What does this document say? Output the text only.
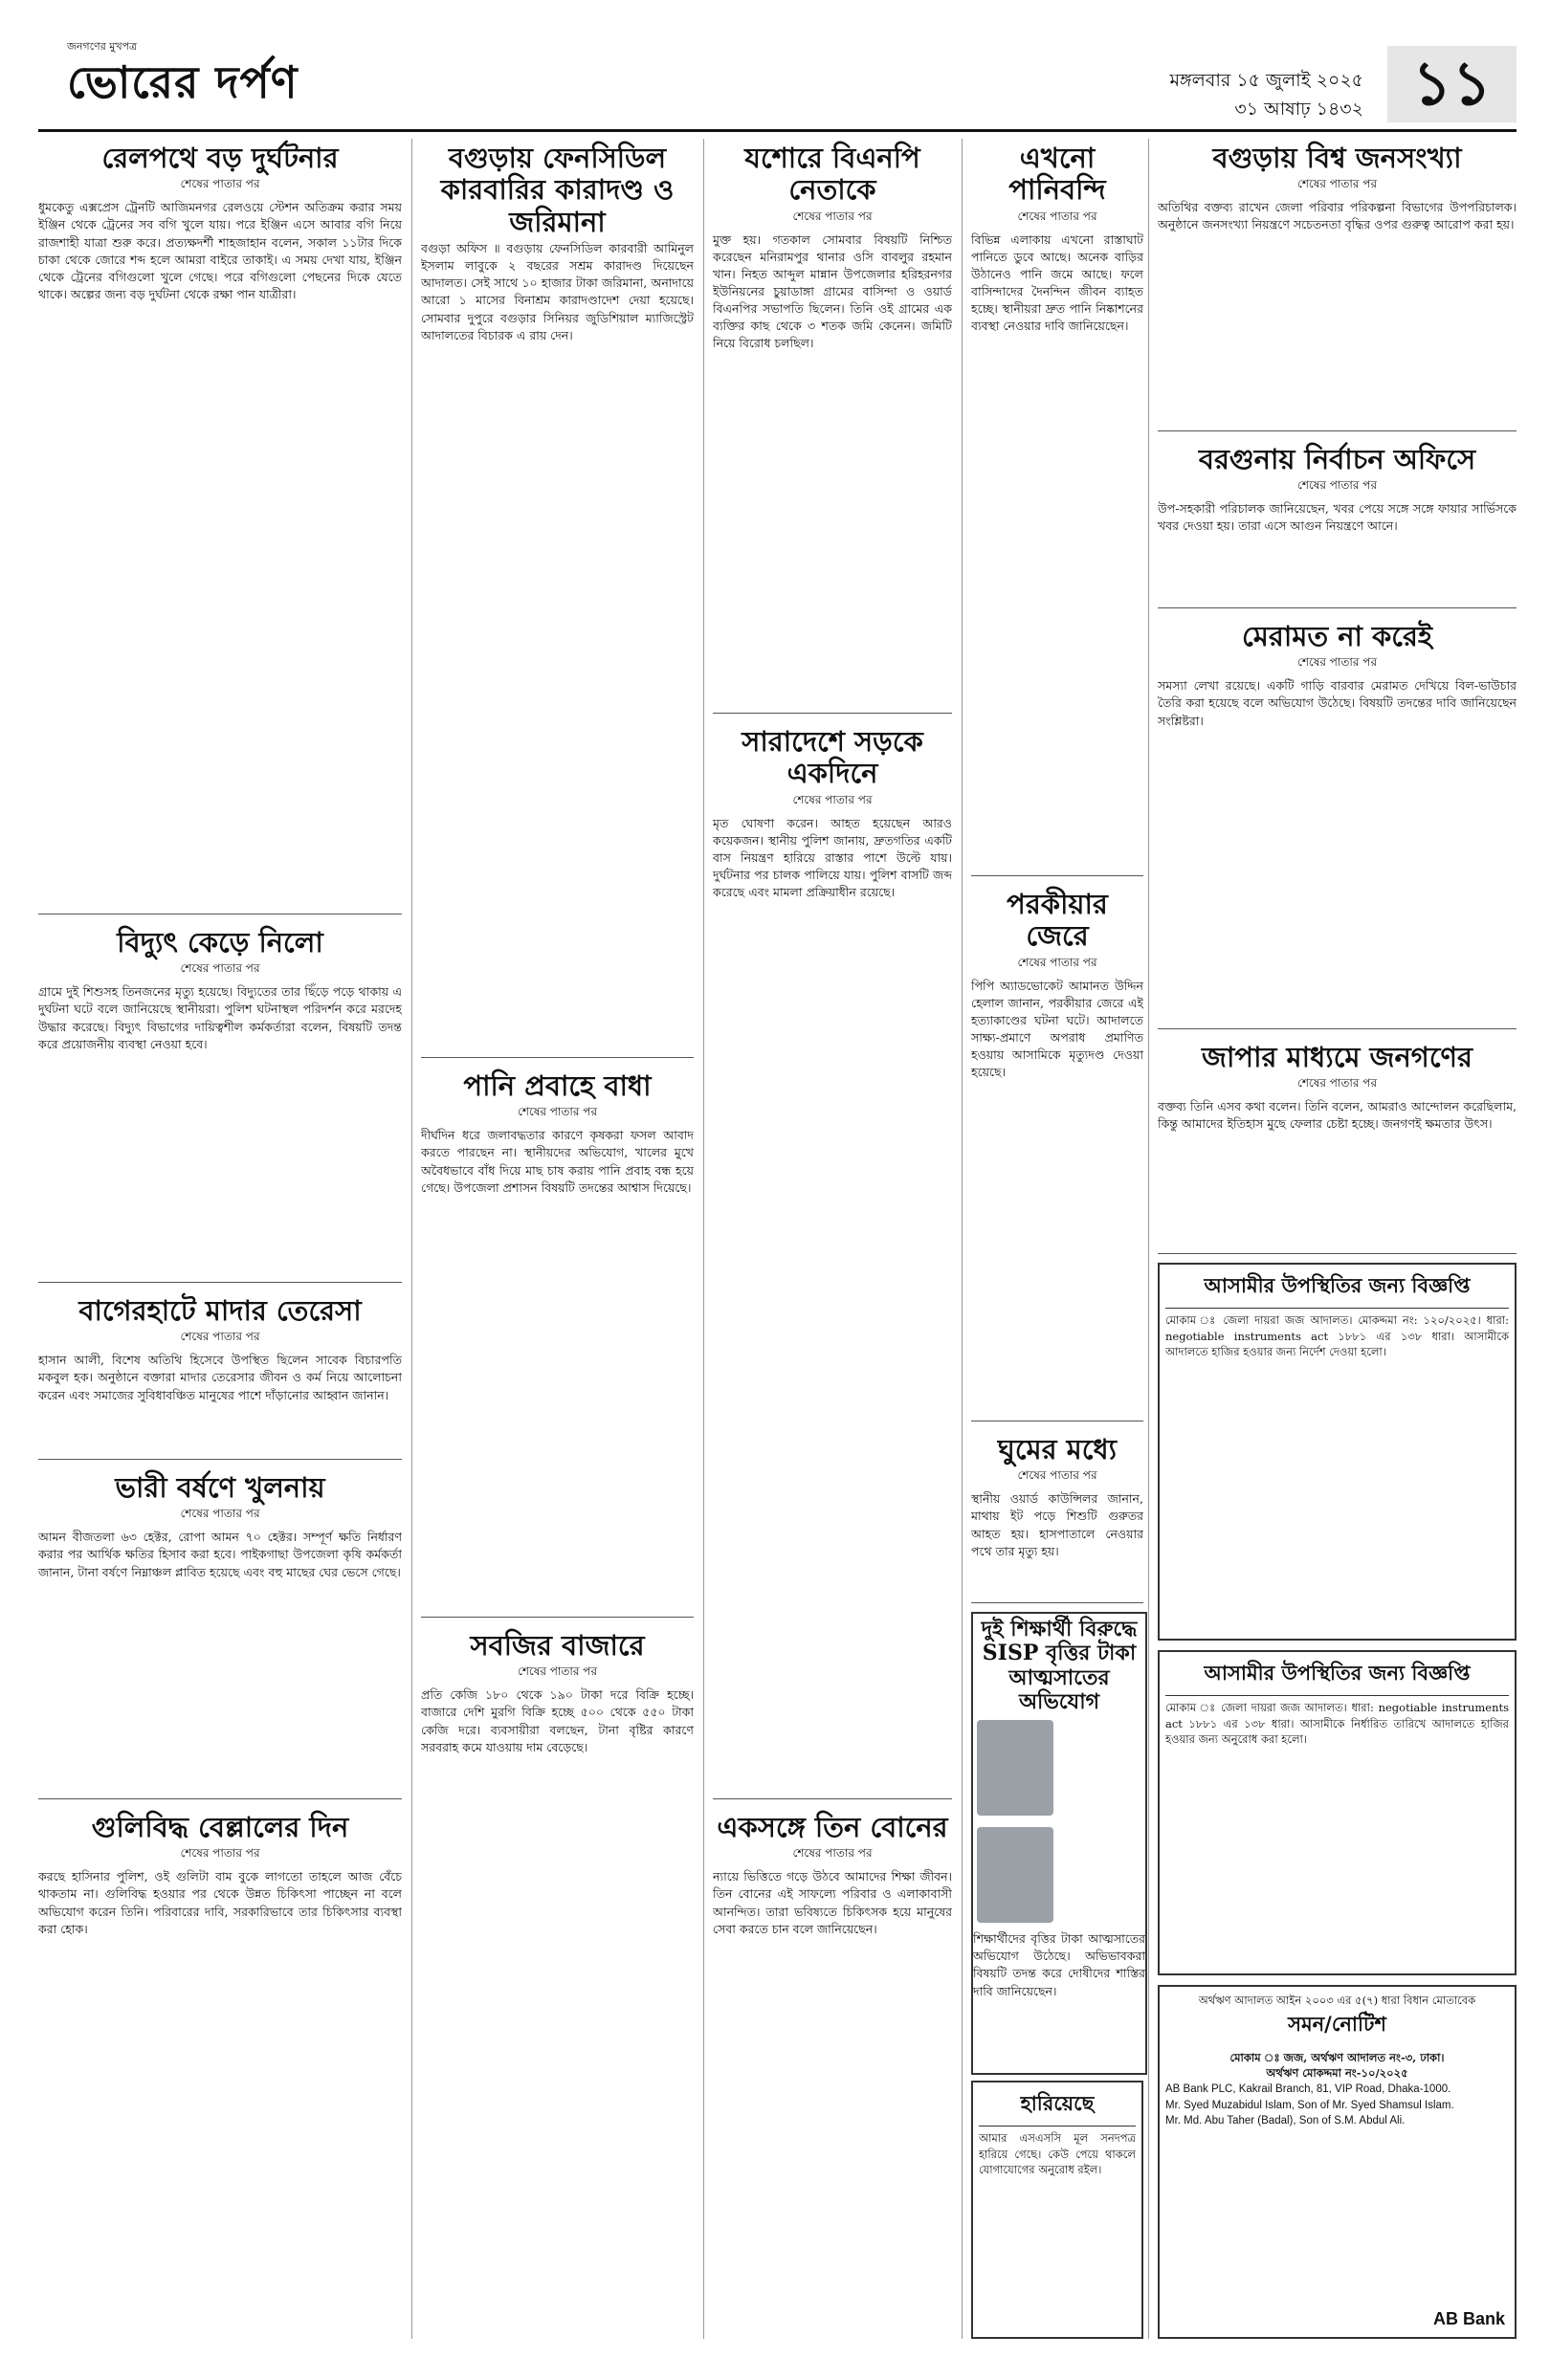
জনগণের মুখপত্র
ভোরের দর্পণ	মঙ্গলবার ১৫ জুলাই ২০২৫
৩১ আষাঢ় ১৪৩২ ১১
রেলপথে বড় দুর্ঘটনার
শেষের পাতার পর
ধুমকেতু এক্সপ্রেস ট্রেনটি আজিমনগর রেলওয়ে স্টেশন অতিক্রম করার সময় ইঞ্জিন থেকে ট্রেনের সব বগি খুলে যায়। পরে ইঞ্জিন এসে আবার বগি নিয়ে রাজশাহী যাত্রা শুরু করে। প্রত্যক্ষদর্শী শাহজাহান বলেন, সকাল ১১টার দিকে চাকা থেকে জোরে শব্দ হলে আমরা বাইরে তাকাই। এ সময় দেখা যায়, ইঞ্জিন থেকে ট্রেনের বগিগুলো খুলে গেছে। পরে বগিগুলো পেছনের দিকে যেতে থাকে। অল্পের জন্য বড় দুর্ঘটনা থেকে রক্ষা পান যাত্রীরা।
বিদ্যুৎ কেড়ে নিলো
শেষের পাতার পর
গ্রামে দুই শিশুসহ তিনজনের মৃত্যু হয়েছে। বিদ্যুতের তার ছিঁড়ে পড়ে থাকায় এ দুর্ঘটনা ঘটে বলে জানিয়েছে স্থানীয়রা। পুলিশ ঘটনাস্থল পরিদর্শন করে মরদেহ উদ্ধার করেছে। বিদ্যুৎ বিভাগের দায়িত্বশীল কর্মকর্তারা বলেন, বিষয়টি তদন্ত করে প্রয়োজনীয় ব্যবস্থা নেওয়া হবে।
বাগেরহাটে মাদার তেরেসা
শেষের পাতার পর
হাসান আলী, বিশেষ অতিথি হিসেবে উপস্থিত ছিলেন সাবেক বিচারপতি মকবুল হক। অনুষ্ঠানে বক্তারা মাদার তেরেসার জীবন ও কর্ম নিয়ে আলোচনা করেন এবং সমাজের সুবিধাবঞ্চিত মানুষের পাশে দাঁড়ানোর আহ্বান জানান।
ভারী বর্ষণে খুলনায়
শেষের পাতার পর
আমন বীজতলা ৬৩ হেক্টর, রোপা আমন ৭০ হেক্টর। সম্পূর্ণ ক্ষতি নির্ধারণ করার পর আর্থিক ক্ষতির হিসাব করা হবে। পাইকগাছা উপজেলা কৃষি কর্মকর্তা জানান, টানা বর্ষণে নিম্নাঞ্চল প্লাবিত হয়েছে এবং বহু মাছের ঘের ভেসে গেছে।
গুলিবিদ্ধ বেল্লালের দিন
শেষের পাতার পর
করছে হাসিনার পুলিশ, ওই গুলিটা বাম বুকে লাগতো তাহলে আজ বেঁচে থাকতাম না। গুলিবিদ্ধ হওয়ার পর থেকে উন্নত চিকিৎসা পাচ্ছেন না বলে অভিযোগ করেন তিনি। পরিবারের দাবি, সরকারিভাবে তার চিকিৎসার ব্যবস্থা করা হোক।
বগুড়ায় ফেনসিডিল কারবারির কারাদণ্ড ও জরিমানা
বগুড়া অফিস ॥ বগুড়ায় ফেনসিডিল কারবারী আমিনুল ইসলাম লাবুকে ২ বছরের সশ্রম কারাদণ্ড দিয়েছেন আদালত। সেই সাথে ১০ হাজার টাকা জরিমানা, অনাদায়ে আরো ১ মাসের বিনাশ্রম কারাদণ্ডাদেশ দেয়া হয়েছে। সোমবার দুপুরে বগুড়ার সিনিয়র জুডিশিয়াল ম্যাজিস্ট্রেট আদালতের বিচারক এ রায় দেন।
পানি প্রবাহে বাধা
শেষের পাতার পর
দীর্ঘদিন ধরে জলাবদ্ধতার কারণে কৃষকরা ফসল আবাদ করতে পারছেন না। স্থানীয়দের অভিযোগ, খালের মুখে অবৈধভাবে বাঁধ দিয়ে মাছ চাষ করায় পানি প্রবাহ বন্ধ হয়ে গেছে। উপজেলা প্রশাসন বিষয়টি তদন্তের আশ্বাস দিয়েছে।
সবজির বাজারে
শেষের পাতার পর
প্রতি কেজি ১৮০ থেকে ১৯০ টাকা দরে বিক্রি হচ্ছে। বাজারে দেশি মুরগি বিক্রি হচ্ছে ৫০০ থেকে ৫৫০ টাকা কেজি দরে। ব্যবসায়ীরা বলছেন, টানা বৃষ্টির কারণে সরবরাহ কমে যাওয়ায় দাম বেড়েছে।
যশোরে বিএনপি নেতাকে
শেষের পাতার পর
মুক্ত হয়। গতকাল সোমবার বিষয়টি নিশ্চিত করেছেন মনিরামপুর থানার ওসি বাবলুর রহমান খান। নিহত আব্দুল মান্নান উপজেলার হরিহরনগর ইউনিয়নের চুয়াডাঙ্গা গ্রামের বাসিন্দা ও ওয়ার্ড বিএনপির সভাপতি ছিলেন। তিনি ওই গ্রামের এক ব্যক্তির কাছ থেকে ৩ শতক জমি কেনেন। জমিটি নিয়ে বিরোধ চলছিল।
সারাদেশে সড়কে একদিনে
শেষের পাতার পর
মৃত ঘোষণা করেন। আহত হয়েছেন আরও কয়েকজন। স্থানীয় পুলিশ জানায়, দ্রুতগতির একটি বাস নিয়ন্ত্রণ হারিয়ে রাস্তার পাশে উল্টে যায়। দুর্ঘটনার পর চালক পালিয়ে যায়। পুলিশ বাসটি জব্দ করেছে এবং মামলা প্রক্রিয়াধীন রয়েছে।
একসঙ্গে তিন বোনের
শেষের পাতার পর
ন্যায়ে ভিত্তিতে গড়ে উঠবে আমাদের শিক্ষা জীবন। তিন বোনের এই সাফল্যে পরিবার ও এলাকাবাসী আনন্দিত। তারা ভবিষ্যতে চিকিৎসক হয়ে মানুষের সেবা করতে চান বলে জানিয়েছেন।
এখনো পানিবন্দি
শেষের পাতার পর
বিভিন্ন এলাকায় এখনো রাস্তাঘাট পানিতে ডুবে আছে। অনেক বাড়ির উঠানেও পানি জমে আছে। ফলে বাসিন্দাদের দৈনন্দিন জীবন ব্যাহত হচ্ছে। স্থানীয়রা দ্রুত পানি নিষ্কাশনের ব্যবস্থা নেওয়ার দাবি জানিয়েছেন।
পরকীয়ার জেরে
শেষের পাতার পর
পিপি অ্যাডভোকেট আমানত উদ্দিন হেলাল জানান, পরকীয়ার জেরে এই হত্যাকাণ্ডের ঘটনা ঘটে। আদালতে সাক্ষ্য-প্রমাণে অপরাধ প্রমাণিত হওয়ায় আসামিকে মৃত্যুদণ্ড দেওয়া হয়েছে।
ঘুমের মধ্যে
শেষের পাতার পর
স্থানীয় ওয়ার্ড কাউন্সিলর জানান, মাথায় ইট পড়ে শিশুটি গুরুতর আহত হয়। হাসপাতালে নেওয়ার পথে তার মৃত্যু হয়।
দুই শিক্ষার্থী বিরুদ্ধে SISP বৃত্তির টাকা আত্মসাতের অভিযোগ

শিক্ষার্থীদের বৃত্তির টাকা আত্মসাতের অভিযোগ উঠেছে। অভিভাবকরা বিষয়টি তদন্ত করে দোষীদের শাস্তির দাবি জানিয়েছেন।
হারিয়েছে
আমার এসএসসি মূল সনদপত্র হারিয়ে গেছে। কেউ পেয়ে থাকলে যোগাযোগের অনুরোধ রইল।
বগুড়ায় বিশ্ব জনসংখ্যা
শেষের পাতার পর
অতিথির বক্তব্য রাখেন জেলা পরিবার পরিকল্পনা বিভাগের উপপরিচালক। অনুষ্ঠানে জনসংখ্যা নিয়ন্ত্রণে সচেতনতা বৃদ্ধির ওপর গুরুত্ব আরোপ করা হয়।
বরগুনায় নির্বাচন অফিসে
শেষের পাতার পর
উপ-সহকারী পরিচালক জানিয়েছেন, খবর পেয়ে সঙ্গে সঙ্গে ফায়ার সার্ভিসকে খবর দেওয়া হয়। তারা এসে আগুন নিয়ন্ত্রণে আনে।
মেরামত না করেই
শেষের পাতার পর
সমস্যা লেখা রয়েছে। একটি গাড়ি বারবার মেরামত দেখিয়ে বিল-ভাউচার তৈরি করা হয়েছে বলে অভিযোগ উঠেছে। বিষয়টি তদন্তের দাবি জানিয়েছেন সংশ্লিষ্টরা।
জাপার মাধ্যমে জনগণের
শেষের পাতার পর
বক্তব্য তিনি এসব কথা বলেন। তিনি বলেন, আমরাও আন্দোলন করেছিলাম, কিন্তু আমাদের ইতিহাস মুছে ফেলার চেষ্টা হচ্ছে। জনগণই ক্ষমতার উৎস।
আসামীর উপস্থিতির জন্য বিজ্ঞপ্তি
মোকাম ঃ জেলা দায়রা জজ আদালত। মোকদ্দমা নং: ১২০/২০২৫। ধারা: negotiable instruments act ১৮৮১ এর ১৩৮ ধারা। আসামীকে আদালতে হাজির হওয়ার জন্য নির্দেশ দেওয়া হলো।
আসামীর উপস্থিতির জন্য বিজ্ঞপ্তি
মোকাম ঃ জেলা দায়রা জজ আদালত। ধারা: negotiable instruments act ১৮৮১ এর ১৩৮ ধারা। আসামীকে নির্ধারিত তারিখে আদালতে হাজির হওয়ার জন্য অনুরোধ করা হলো।
অর্থঋণ আদালত আইন ২০০৩ এর ৫(৭) ধারা বিধান মোতাবেক
সমন/নোটিশ
মোকাম ঃ জজ, অর্থঋণ আদালত নং-৩, ঢাকা।
অর্থঋণ মোকদ্দমা নং-১০/২০২৫
AB Bank PLC, Kakrail Branch, 81, VIP Road, Dhaka-1000.
Mr. Syed Muzabidul Islam, Son of Mr. Syed Shamsul Islam.
Mr. Md. Abu Taher (Badal), Son of S.M. Abdul Ali.
AB Bank
